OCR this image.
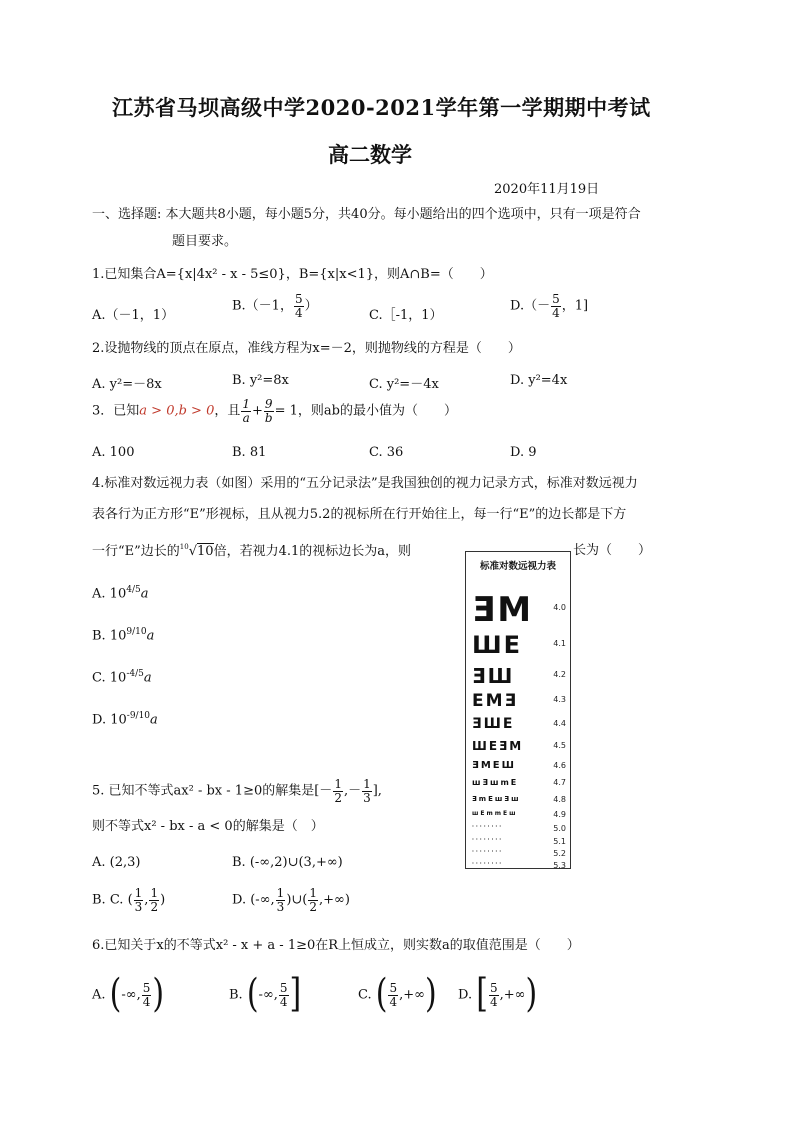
江苏省马坝高级中学2020-2021学年第一学期期中考试
高二数学
2020年11月19日
一、选择题: 本大题共8小题，每小题5分，共40分。每小题给出的四个选项中，只有一项是符合
题目要求。
1.已知集合A={x|4x² - x - 5≤0}，B={x|x<1}，则A∩B=（　　）
A.（－1，1）
B.（－1， $\frac{5}{4}$ ）
C.［-1，1）
$D.(- \frac{5}{4}$ ，1]
2.设抛物线的顶点在原点，准线方程为x=－2，则抛物线的方程是（　　）
A. y²=－8x	B. y²=8x	C. y²=－4x	D. y²=4x
3．已知a > 0,b > 0，且 $\frac{1}{a} + \frac{9}{b} = 1$，则ab的最小值为（　　）
A. 100	B. 81	C. 36	D. 9
4.标准对数远视力表（如图）采用的“五分记录法”是我国独创的视力记录方式，标准对数远视力
表各行为正方形“E”形视标，且从视力5.2的视标所在行开始往上，每一行“E”的边长都是下方
一行“E”边长的$^{10}$√10倍，若视力4.1的视标边长为a，则	长为（　　）
A. $10^{4/5}a$
B. $10^{9/10}a$
C. $10^{-4/5}a$
D. $10^{-9/10}a$
标准对数远视力表
ƎM	4.0
ШE	4.1
ƎШ	4.2
EMƎ	4.3
ƎШE	4.4
ШEƎM	4.5
ƎMEШ	4.6
шƎшmE	4.7
ƎmEшƎш	4.8
шEmmEш	4.9
········	5.0
········	5.1
········	5.2
········	5.3
5. 已知不等式ax² - bx - 1≥0的解集是[－ $\frac{1}{2}$ ,－ $\frac{1}{3}$ ],
则不等式x² - bx - a < 0的解集是（　）
A. (2,3)	B. (-∞,2)∪(3,+∞)
B. C. ( $\frac{1}{3}$ , $\frac{1}{2}$ )	D. (-∞, $\frac{1}{3}$ )∪( $\frac{1}{2}$ ,+∞)
6.已知关于x的不等式x² - x + a - 1≥0在R上恒成立，则实数a的取值范围是（　　）
A. (-∞, $\frac{5}{4}$ )	B. (-∞, $\frac{5}{4}$ ]	C. ( $\frac{5}{4}$ ,+∞) D. [ $\frac{5}{4}$ ,+∞)
